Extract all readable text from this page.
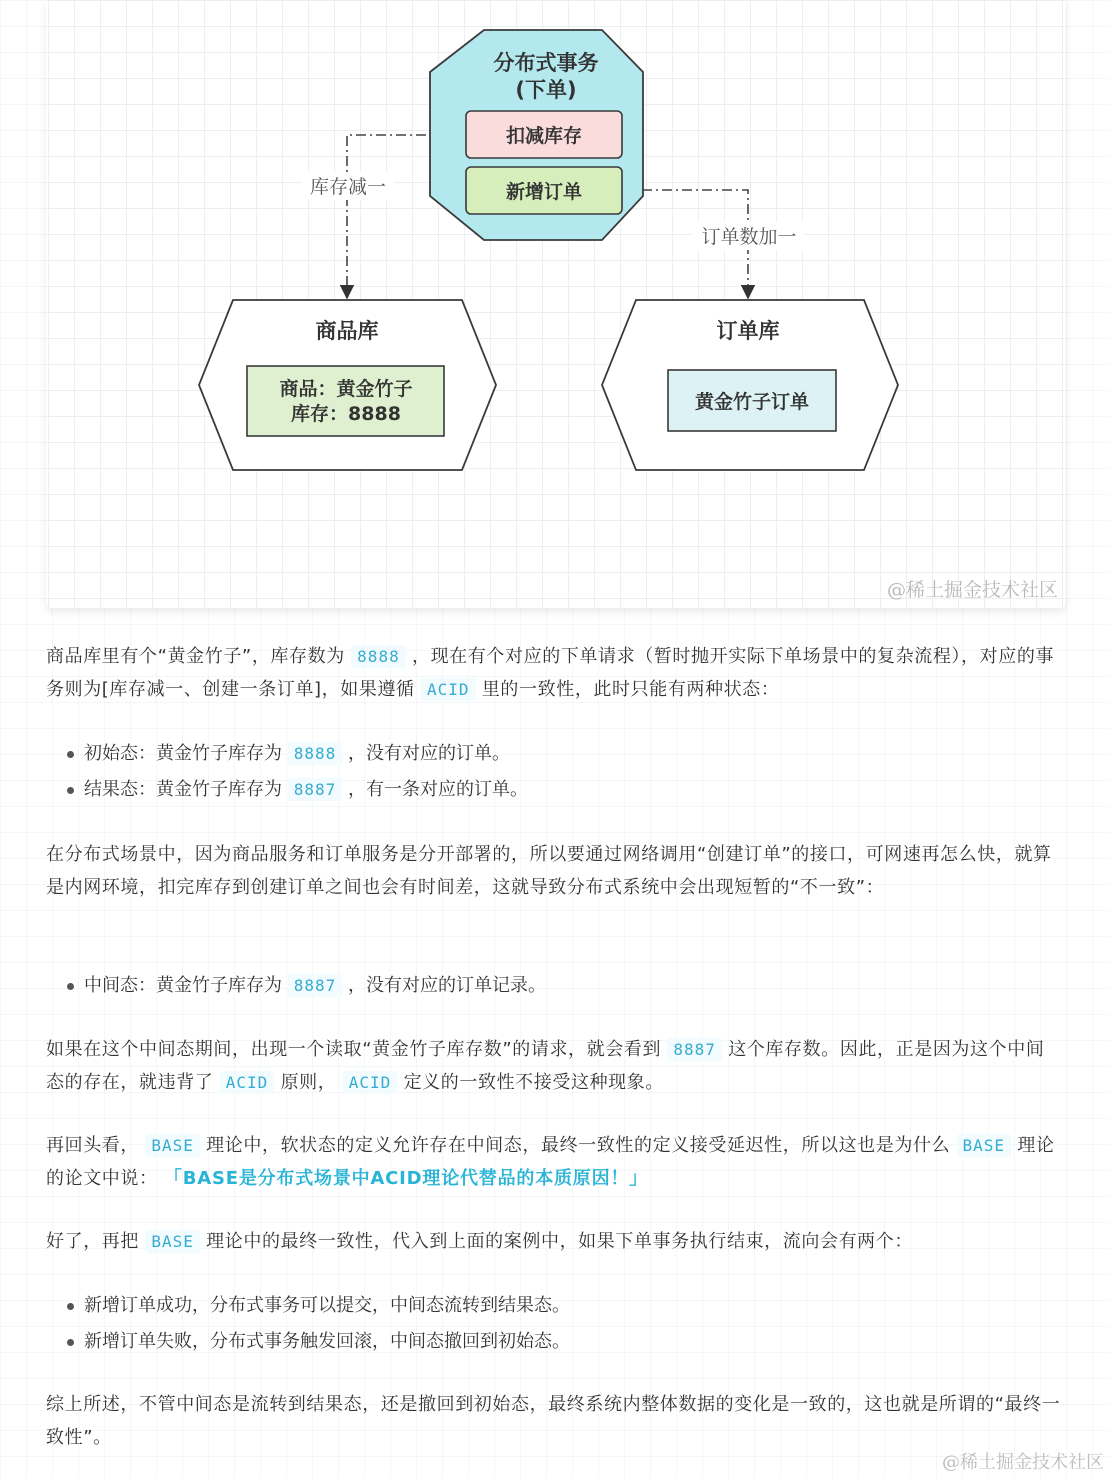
库存减一
订单数加一
分布式事务
(下单)
扣减库存
新增订单
商品库
商品：黄金竹子
库存：8888
订单库
黄金竹子订单
@稀土掘金技术社区

商品库里有个“黄金竹子”，库存数为 8888 ，现在有个对应的下单请求（暂时抛开实际下单场景中的复杂流程），对应的事务则为[库存减一、创建一条订单]，如果遵循 ACID 里的一致性，此时只能有两种状态：

初始态：黄金竹子库存为 8888 ，没有对应的订单。
结果态：黄金竹子库存为 8887 ，有一条对应的订单。

在分布式场景中，因为商品服务和订单服务是分开部署的，所以要通过网络调用“创建订单”的接口，可网速再怎么快，就算是内网环境，扣完库存到创建订单之间也会有时间差，这就导致分布式系统中会出现短暂的“不一致”：

中间态：黄金竹子库存为 8887 ，没有对应的订单记录。

如果在这个中间态期间，出现一个读取“黄金竹子库存数”的请求，就会看到 8887 这个库存数。因此，正是因为这个中间态的存在，就违背了 ACID 原则， ACID 定义的一致性不接受这种现象。

再回头看， BASE 理论中，软状态的定义允许存在中间态，最终一致性的定义接受延迟性，所以这也是为什么 BASE 理论的论文中说： 「BASE是分布式场景中ACID理论代替品的本质原因！」

好了，再把 BASE 理论中的最终一致性，代入到上面的案例中，如果下单事务执行结束，流向会有两个：

新增订单成功，分布式事务可以提交，中间态流转到结果态。
新增订单失败，分布式事务触发回滚，中间态撤回到初始态。

综上所述，不管中间态是流转到结果态，还是撤回到初始态，最终系统内整体数据的变化是一致的，这也就是所谓的“最终一致性”。

@稀土掘金技术社区
